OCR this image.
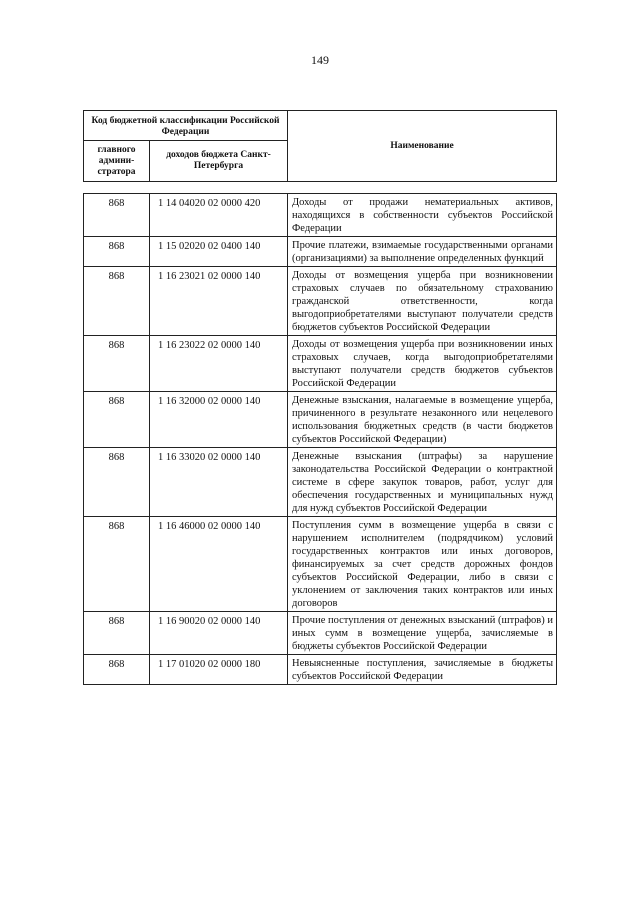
149
Код бюджетной классификации Российской Федерации		Наименование
главного админи-стратора	доходов бюджета Санкт-Петербурга	
868	1 14 04020 02 0000 420	Доходы от продажи нематериальных активов, находящихся в собственности субъектов Российской Федерации
868	1 15 02020 02 0400 140	Прочие платежи, взимаемые государственными органами (организациями) за выполнение определенных функций
868	1 16 23021 02 0000 140	Доходы от возмещения ущерба при возникновении страховых случаев по обязательному страхованию гражданской ответственности, когда выгодоприобретателями выступают получатели средств бюджетов субъектов Российской Федерации
868	1 16 23022 02 0000 140	Доходы от возмещения ущерба при возникновении иных страховых случаев, когда выгодоприобретателями выступают получатели средств бюджетов субъектов Российской Федерации
868	1 16 32000 02 0000 140	Денежные взыскания, налагаемые в возмещение ущерба, причиненного в результате незаконного или нецелевого использования бюджетных средств (в части бюджетов субъектов Российской Федерации)
868	1 16 33020 02 0000 140	Денежные взыскания (штрафы) за нарушение законодательства Российской Федерации о контрактной системе в сфере закупок товаров, работ, услуг для обеспечения государственных и муниципальных нужд для нужд субъектов Российской Федерации
868	1 16 46000 02 0000 140	Поступления сумм в возмещение ущерба в связи с нарушением исполнителем (подрядчиком) условий государственных контрактов или иных договоров, финансируемых за счет средств дорожных фондов субъектов Российской Федерации, либо в связи с уклонением от заключения таких контрактов или иных договоров
868	1 16 90020 02 0000 140	Прочие поступления от денежных взысканий (штрафов) и иных сумм в возмещение ущерба, зачисляемые в бюджеты субъектов Российской Федерации
868	1 17 01020 02 0000 180	Невыясненные поступления, зачисляемые в бюджеты субъектов Российской Федерации
